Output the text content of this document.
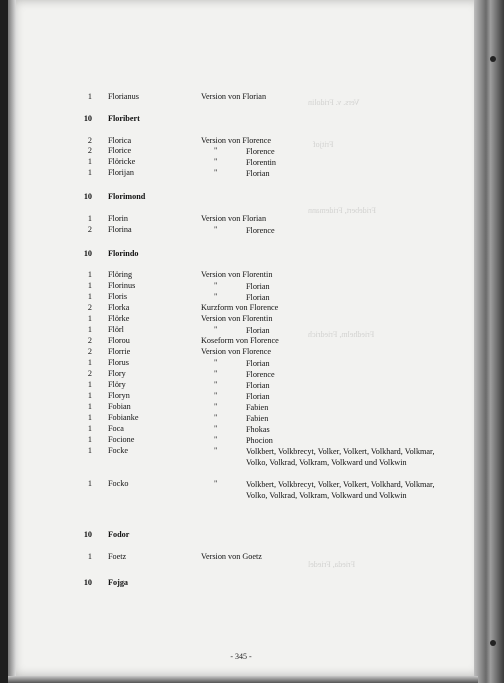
Vers. v. Fridolin
Fritjof
Fridebert, Fridemann
Friedhelm, Friedrich
Frieda, Friedel
1 Florianus	Version von Florian
10 Floribert
2 Florica	Version von Florence
2 Florice	"	Florence
1 Flöricke	"	Florentin
1 Florijan	"	Florian
10 Florimond
1 Florin	Version von Florian
2 Florina	"	Florence
10 Florindo
1 Flöring	Version von Florentin
1 Florinus	"	Florian
1 Floris	"	Florian
2 Florka	Kurzform von Florence
1 Flörke	Version von Florentin
1 Flörl	"	Florian
2 Florou	Koseform von Florence
2 Florrie	Version von Florence
1 Florus	"	Florian
2 Flory	"	Florence
1 Flöry	"	Florian
1 Floryn	"	Florian
1 Fobian	"	Fabien
1 Fobianke	"	Fabien
1 Foca	"	Fhokas
1 Focione	"	Phocion
1 Focke	"	Volkbert, Volkbrecyt, Volker, Volkert, Volkhard, Volkmar, Volko, Volkrad, Volkram, Volkward und Volkwin
1 Focko	"	Volkbert, Volkbrecyt, Volker, Volkert, Volkhard, Volkmar, Volko, Volkrad, Volkram, Volkward und Volkwin
10 Fodor
1 Foetz	Version von Goetz
10 Fojga
- 345 -
